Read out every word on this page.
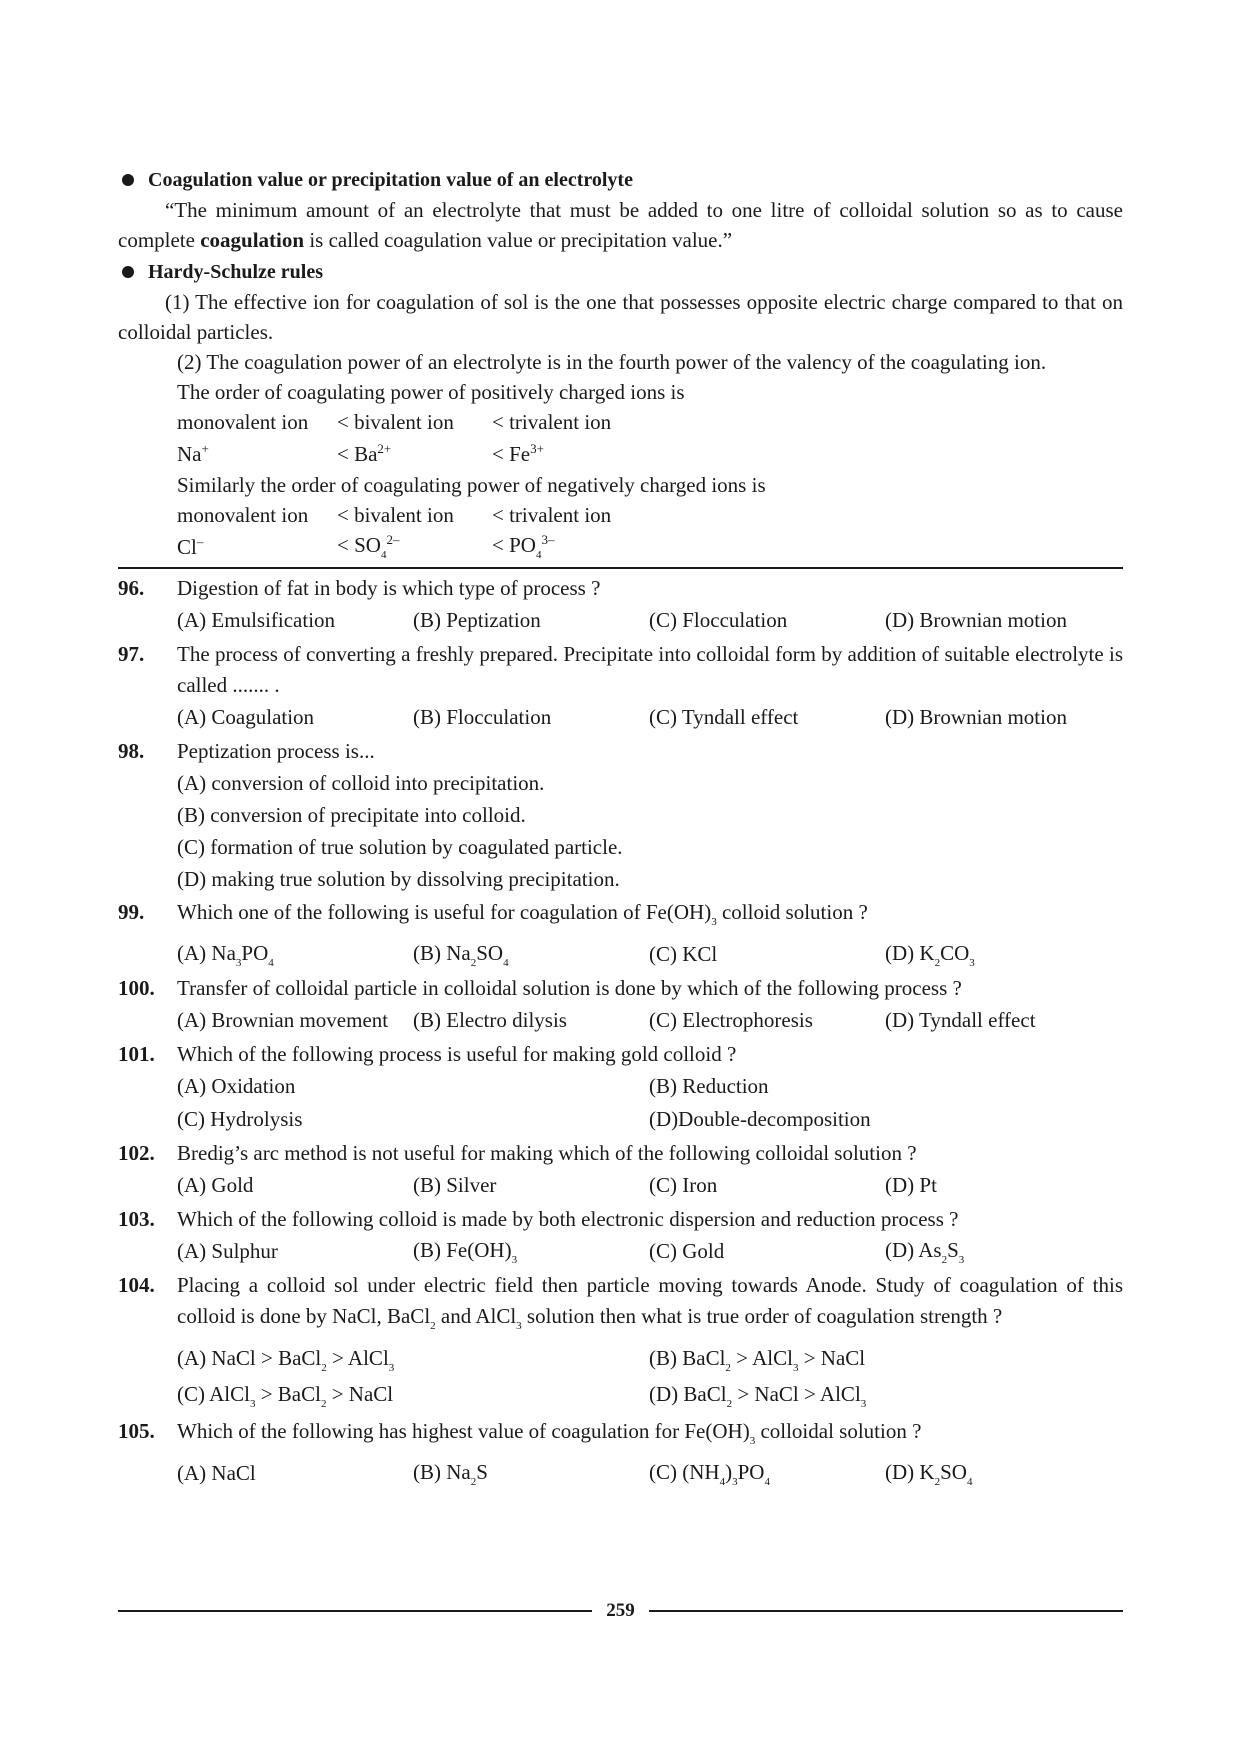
Coagulation value or precipitation value of an electrolyte
“The minimum amount of an electrolyte that must be added to one litre of colloidal solution so as to cause complete coagulation is called coagulation value or precipitation value.”
Hardy-Schulze rules
(1) The effective ion for coagulation of sol is the one that possesses opposite electric charge compared to that on colloidal particles.
(2) The coagulation power of an electrolyte is in the fourth power of the valency of the coagulating ion.
The order of coagulating power of positively charged ions is
monovalent ion	< bivalent ion	< trivalent ion
Na+	< $Ba^{2+}$	< $Fe^{3+}$
Similarly the order of coagulating power of negatively charged ions is
monovalent ion	< bivalent ion	< trivalent ion
Cl–	< $SO_4^{2-}$	< $PO_4^{3-}$
96.	Digestion of fat in body is which type of process ?
(A) Emulsification	(B) Peptization	(C) Flocculation	(D) Brownian motion
97.	The process of converting a freshly prepared. Precipitate into colloidal form by addition of suitable electrolyte is called ....... .
(A) Coagulation	(B) Flocculation	(C) Tyndall effect	(D) Brownian motion
98.	Peptization process is...
(A) conversion of colloid into precipitation.
(B) conversion of precipitate into colloid.
(C) formation of true solution by coagulated particle.
(D) making true solution by dissolving precipitation.
99.	Which one of the following is useful for coagulation of $Fe(OH)_3$ colloid solution ?
(A) $Na_3PO_4$	(B) $Na_2SO_4$	(C) KCl	(D) $K_2CO_3$
100.	Transfer of colloidal particle in colloidal solution is done by which of the following process ?
(A) Brownian movement	(B) Electro dilysis	(C) Electrophoresis	(D) Tyndall effect
101.	Which of the following process is useful for making gold colloid ?
(A) Oxidation	(B) Reduction
(C) Hydrolysis	(D)Double-decomposition
102.	Bredig’s arc method is not useful for making which of the following colloidal solution ?
(A) Gold	(B) Silver	(C) Iron	(D) Pt
103.	Which of the following colloid is made by both electronic dispersion and reduction process ?
(A) Sulphur	(B) $Fe(OH)_3$	(C) Gold	(D) $As_2S_3$
104.	Placing a colloid sol under electric field then particle moving towards Anode. Study of coagulation of this colloid is done by NaCl, BaCl$_2$ and AlCl$_3$ solution then what is true order of coagulation strength ?
(A) NaCl > BaCl$_2$ > AlCl$_3$	(B) BaCl$_2$ > AlCl$_3$ > NaCl
(C) AlCl$_3$ > BaCl$_2$ > NaCl	(D) BaCl$_2$ > NaCl > AlCl$_3$
105.	Which of the following has highest value of coagulation for $Fe(OH)_3$ colloidal solution ?
(A) NaCl	(B) $Na_2S$	(C) $(NH_4)_3PO_4$	(D) $K_2SO_4$
259
